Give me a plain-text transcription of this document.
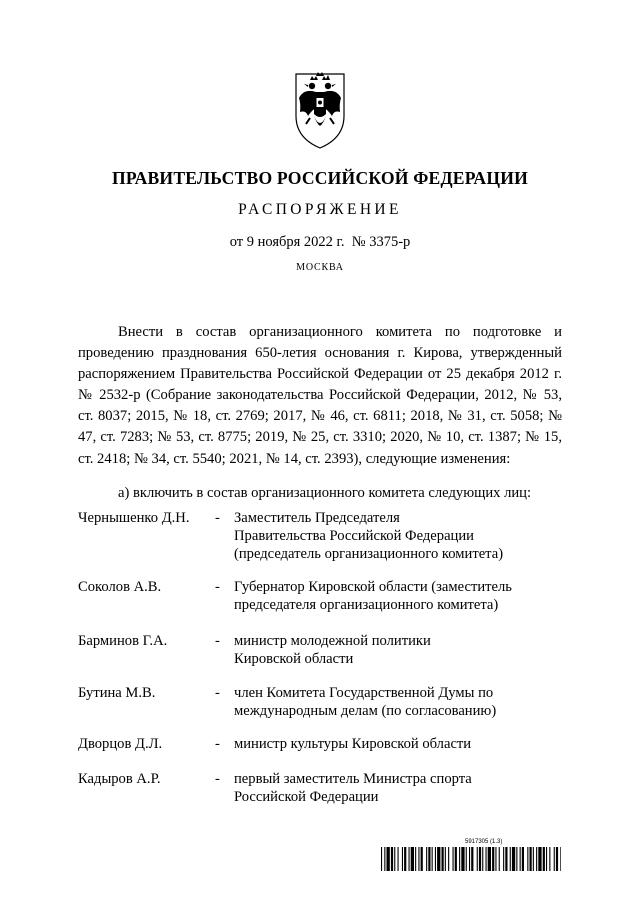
ПРАВИТЕЛЬСТВО РОССИЙСКОЙ ФЕДЕРАЦИИ
РАСПОРЯЖЕНИЕ
от 9 ноября 2022 г.  № 3375-р
МОСКВА

Внести в состав организационного комитета по подготовке и проведению празднования 650-летия основания г. Кирова, утвержденный распоряжением Правительства Российской Федерации от 25 декабря 2012 г. № 2532-р (Собрание законодательства Российской Федерации, 2012, № 53, ст. 8037; 2015, № 18, ст. 2769; 2017, № 46, ст. 6811; 2018, № 31, ст. 5058; № 47, ст. 7283; № 53, ст. 8775; 2019, № 25, ст. 3310; 2020, № 10, ст. 1387; № 15, ст. 2418; № 34, ст. 5540; 2021, № 14, ст. 2393), следующие изменения:

а) включить в состав организационного комитета следующих лиц:

Чернышенко Д.Н.	- Заместитель Председателя
Правительства Российской Федерации
(председатель организационного комитета)
Соколов А.В.	- Губернатор Кировской области (заместитель
председателя организационного комитета)
Барминов Г.А.	- министр молодежной политики
Кировской области
Бутина М.В.	- член Комитета Государственной Думы по
международным делам (по согласованию)
Дворцов Д.Л.	- министр культуры Кировской области
Кадыров А.Р.	- первый заместитель Министра спорта
Российской Федерации
5917305 (1.3)
